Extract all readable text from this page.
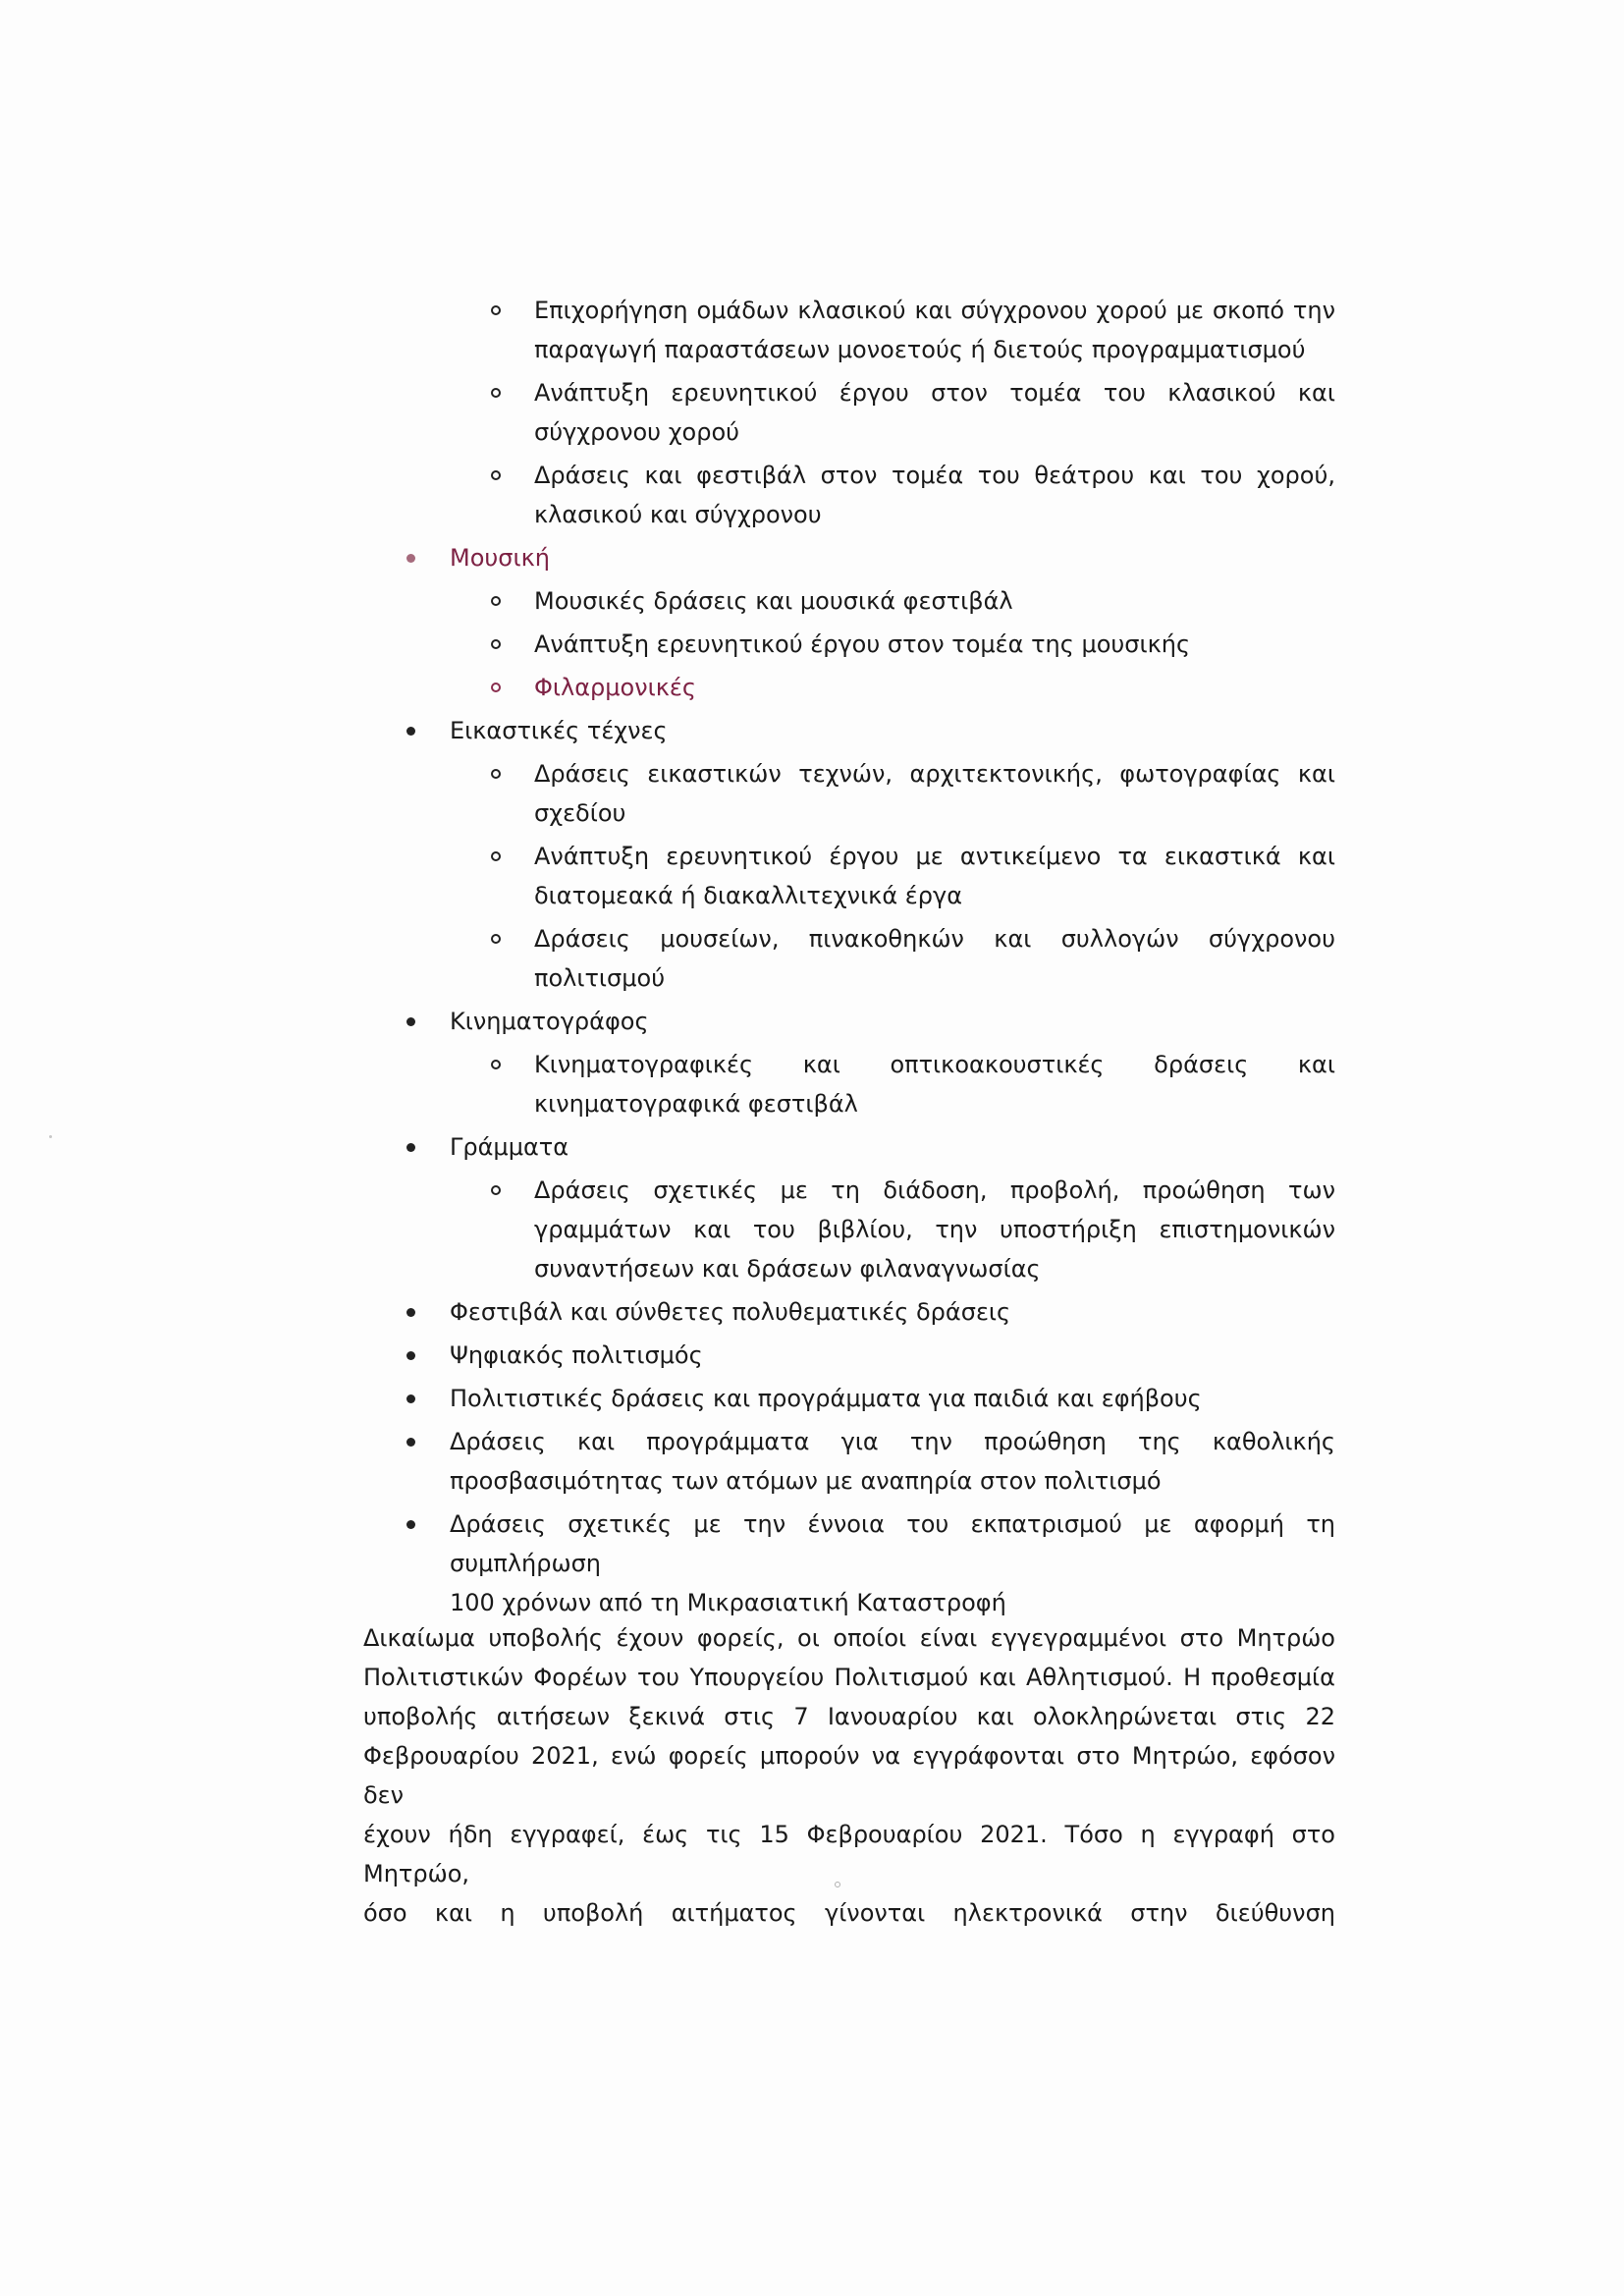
Επιχορήγηση ομάδων κλασικού και σύγχρονου χορού με σκοπό την
παραγωγή παραστάσεων μονοετούς ή διετούς προγραμματισμού
Ανάπτυξη ερευνητικού έργου στον τομέα του κλασικού και
σύγχρονου χορού
Δράσεις και φεστιβάλ στον τομέα του θεάτρου και του χορού,
κλασικού και σύγχρονου
Μουσική
Μουσικές δράσεις και μουσικά φεστιβάλ
Ανάπτυξη ερευνητικού έργου στον τομέα της μουσικής
Φιλαρμονικές
Εικαστικές τέχνες
Δράσεις εικαστικών τεχνών, αρχιτεκτονικής, φωτογραφίας και
σχεδίου
Ανάπτυξη ερευνητικού έργου με αντικείμενο τα εικαστικά και
διατομεακά ή διακαλλιτεχνικά έργα
Δράσεις μουσείων, πινακοθηκών και συλλογών σύγχρονου
πολιτισμού
Κινηματογράφος
Κινηματογραφικές και οπτικοακουστικές δράσεις και
κινηματογραφικά φεστιβάλ
Γράμματα
Δράσεις σχετικές με τη διάδοση, προβολή, προώθηση των
γραμμάτων και του βιβλίου, την υποστήριξη επιστημονικών
συναντήσεων και δράσεων φιλαναγνωσίας
Φεστιβάλ και σύνθετες πολυθεματικές δράσεις
Ψηφιακός πολιτισμός
Πολιτιστικές δράσεις και προγράμματα για παιδιά και εφήβους
Δράσεις και προγράμματα για την προώθηση της καθολικής
προσβασιμότητας των ατόμων με αναπηρία στον πολιτισμό
Δράσεις σχετικές με την έννοια του εκπατρισμού με αφορμή τη συμπλήρωση
100 χρόνων από τη Μικρασιατική Καταστροφή
Δικαίωμα υποβολής έχουν φορείς, οι οποίοι είναι εγγεγραμμένοι στο Μητρώο
Πολιτιστικών Φορέων του Υπουργείου Πολιτισμού και Αθλητισμού. Η προθεσμία
υποβολής αιτήσεων ξεκινά στις 7 Ιανουαρίου και ολοκληρώνεται στις 22
Φεβρουαρίου 2021, ενώ φορείς μπορούν να εγγράφονται στο Μητρώο, εφόσον δεν
έχουν ήδη εγγραφεί, έως τις 15 Φεβρουαρίου 2021. Τόσο η εγγραφή στο Μητρώο,
όσο και η υποβολή αιτήματος γίνονται ηλεκτρονικά στην διεύθυνση
